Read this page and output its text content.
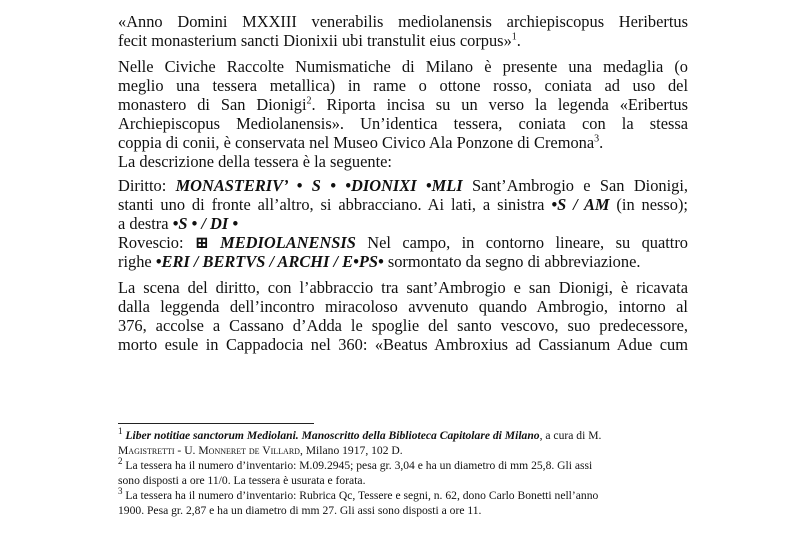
«Anno Domini MXXIII venerabilis mediolanensis archiepiscopus Heribertus
fecit monasterium sancti Dionixii ubi transtulit eius corpus»$^1$.

Nelle Civiche Raccolte Numismatiche di Milano è presente una medaglia (o
meglio una tessera metallica) in rame o ottone rosso, coniata ad uso del
monastero di San Dionigi$^2$. Riporta incisa su un verso la legenda «Eribertus
Archiepiscopus Mediolanensis». Un’identica tessera, coniata con la stessa
coppia di conii, è conservata nel Museo Civico Ala Ponzone di Cremona$^3$.
La descrizione della tessera è la seguente:

Diritto: MONASTERIV’ • S • •DIONIXI •MLI Sant’Ambrogio e San Dionigi,
stanti uno di fronte all’altro, si abbracciano. Ai lati, a sinistra •S / AM (in nesso);
a destra •S • / DI •
Rovescio: ⊞ MEDIOLANENSIS Nel campo, in contorno lineare, su quattro
righe •ERI / BERTVS / ARCHI / E•PS• sormontato da segno di abbreviazione.

La scena del diritto, con l’abbraccio tra sant’Ambrogio e san Dionigi, è ricavata
dalla leggenda dell’incontro miracoloso avvenuto quando Ambrogio, intorno al
376, accolse a Cassano d’Adda le spoglie del santo vescovo, suo predecessore,
morto esule in Cappadocia nel 360: «Beatus Ambroxius ad Cassianum Adue cum

$^1$ Liber notitiae sanctorum Mediolani. Manoscritto della Biblioteca Capitolare di Milano, a cura di M.
Magistretti - U. Monneret de Villard, Milano 1917, 102 D.
$^2$ La tessera ha il numero d’inventario: M.09.2945; pesa gr. 3,04 e ha un diametro di mm 25,8. Gli assi
sono disposti a ore 11/0. La tessera è usurata e forata.
$^3$ La tessera ha il numero d’inventario: Rubrica Qc, Tessere e segni, n. 62, dono Carlo Bonetti nell’anno
1900. Pesa gr. 2,87 e ha un diametro di mm 27. Gli assi sono disposti a ore 11.
